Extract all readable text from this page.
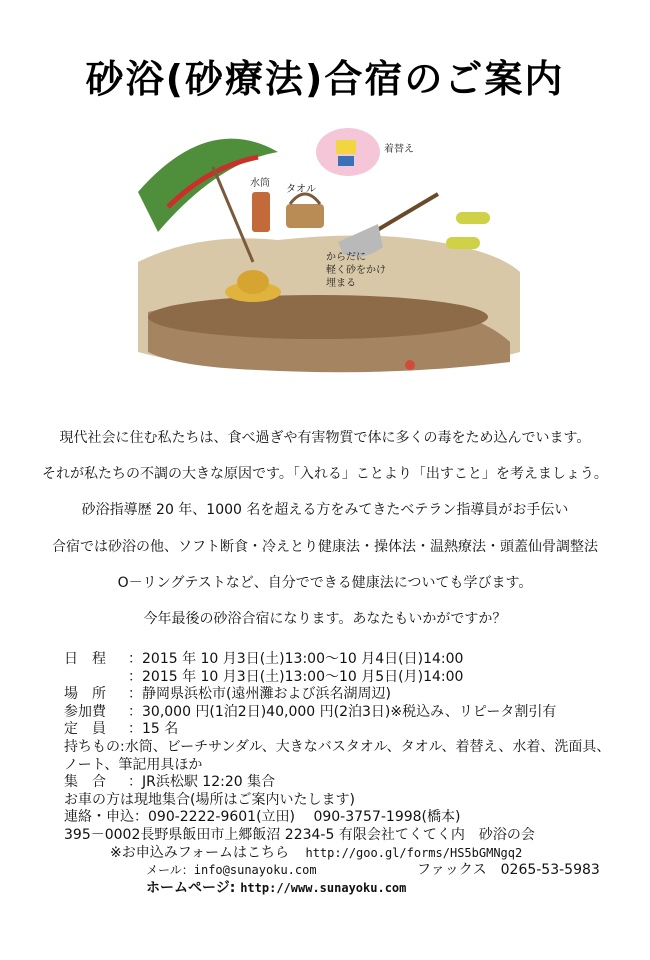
砂浴(砂療法)合宿のご案内
着替え
水筒
タオル
からだに
軽く砂をかけ
埋まる
現代社会に住む私たちは、食べ過ぎや有害物質で体に多くの毒をため込んでいます。
それが私たちの不調の大きな原因です。「入れる」ことより「出すこと」を考えましょう。
砂浴指導歴 20 年、1000 名を超える方をみてきたベテラン指導員がお手伝い
合宿では砂浴の他、ソフト断食・冷えとり健康法・操体法・温熱療法・頭蓋仙骨調整法
O－リングテストなど、自分でできる健康法についても学びます。
今年最後の砂浴合宿になります。あなたもいかがですか？
日　程 ：2015 年 10 月3日(土)13:00～10 月4日(日)14:00
：2015 年 10 月3日(土)13:00～10 月5日(月)14:00
場　所 ：静岡県浜松市(遠州灘および浜名湖周辺)
参加費 ：30,000 円(1泊2日)40,000 円(2泊3日)※税込み、リピータ割引有
定　員 ：15 名
持ちもの:水筒、ビーチサンダル、大きなバスタオル、タオル、着替え、水着、洗面具、
ノート、筆記用具ほか
集　合 ：JR浜松駅 12:20 集合
お車の方は現地集合(場所はご案内いたします)
連絡・申込：090-2222-9601(立田)　 090-3757-1998(橋本)
395－0002長野県飯田市上郷飯沼 2234-5 有限会社てくてく内　砂浴の会
※お申込みフォームはこちら http://goo.gl/forms/HS5bGMNgq2
メール：info@sunayoku.com	ファックス　0265-53-5983
ホームページ: http://www.sunayoku.com
